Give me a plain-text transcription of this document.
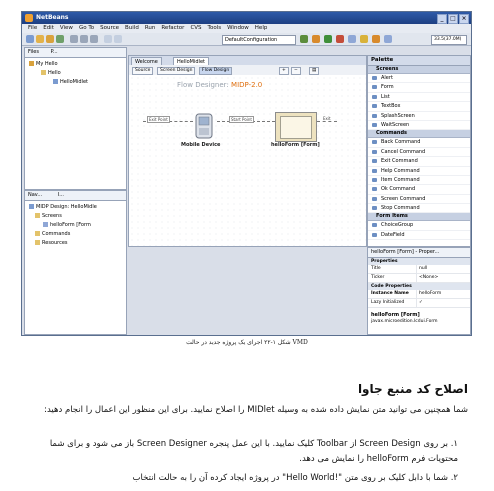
NetBeans	_	□ ×
File Edit View Go To Source Build Run Refactor CVS Tools Window Help
DefaultConfiguration	33.5(37.0M)
Files P...
My Hello
Hello
HelloMidlet
Nav...	I...
MIDP Design: HelloMidle
Screens
helloForm [Form
Commands
Resources
Welcome	HelloMidlet
Source	Screen Design	Flow Design	+	−	▤
Flow Designer: MIDP-2.0
Mobile Device	helloForm [Form]
Exit Point	Start Point	Exit
Palette
Screens
Alert
Form
List
TextBox
SplashScreen
WaitScreen
Commands
Back Command
Cancel Command
Exit Command
Help Command
Item Command
Ok Command
Screen Command
Stop Command
Form Items
ChoiceGroup
DateField
helloForm [Form] - Proper...
Properties
Title	null
Ticker	<None>
Code Properties
Instance Name	helloForm
Lazy Initialized	✓
helloForm [Form]
javax.microedition.lcdui.Form
شکل ۱-۲۲ اجرای یک پروژه جدید در حالت VMD
اصلاح کد منبع جاوا
شما همچنین می توانید متن نمایش داده شده به وسیله MIDlet را اصلاح نمایید. برای این منظور این اعمال را انجام دهید:
۱. بر روی Screen Design از Toolbar کلیک نمایید. با این عمل پنجره Screen Designer باز می شود و برای شما محتویات فرم helloForm را نمایش می دهد.
۲. شما با دابل کلیک بر روی متن "!Hello World" در پروژه ایجاد کرده آن را به حالت انتخاب
